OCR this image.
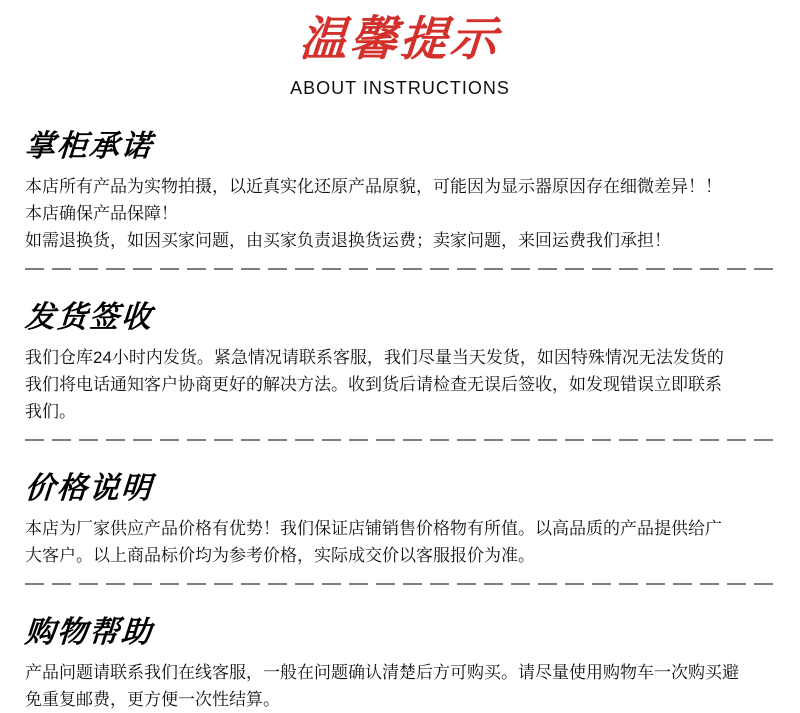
温馨提示
ABOUT INSTRUCTIONS
掌柜承诺
本店所有产品为实物拍摄，以近真实化还原产品原貌，可能因为显示器原因存在细微差异！！
本店确保产品保障！
如需退换货，如因买家问题，由买家负责退换货运费；卖家问题，来回运费我们承担！
发货签收
我们仓库24小时内发货。紧急情况请联系客服，我们尽量当天发货，如因特殊情况无法发货的
我们将电话通知客户协商更好的解决方法。收到货后请检查无误后签收，如发现错误立即联系
我们。
价格说明
本店为厂家供应产品价格有优势！我们保证店铺销售价格物有所值。以高品质的产品提供给广
大客户。以上商品标价均为参考价格，实际成交价以客服报价为准。
购物帮助
产品问题请联系我们在线客服，一般在问题确认清楚后方可购买。请尽量使用购物车一次购买避
免重复邮费，更方便一次性结算。
